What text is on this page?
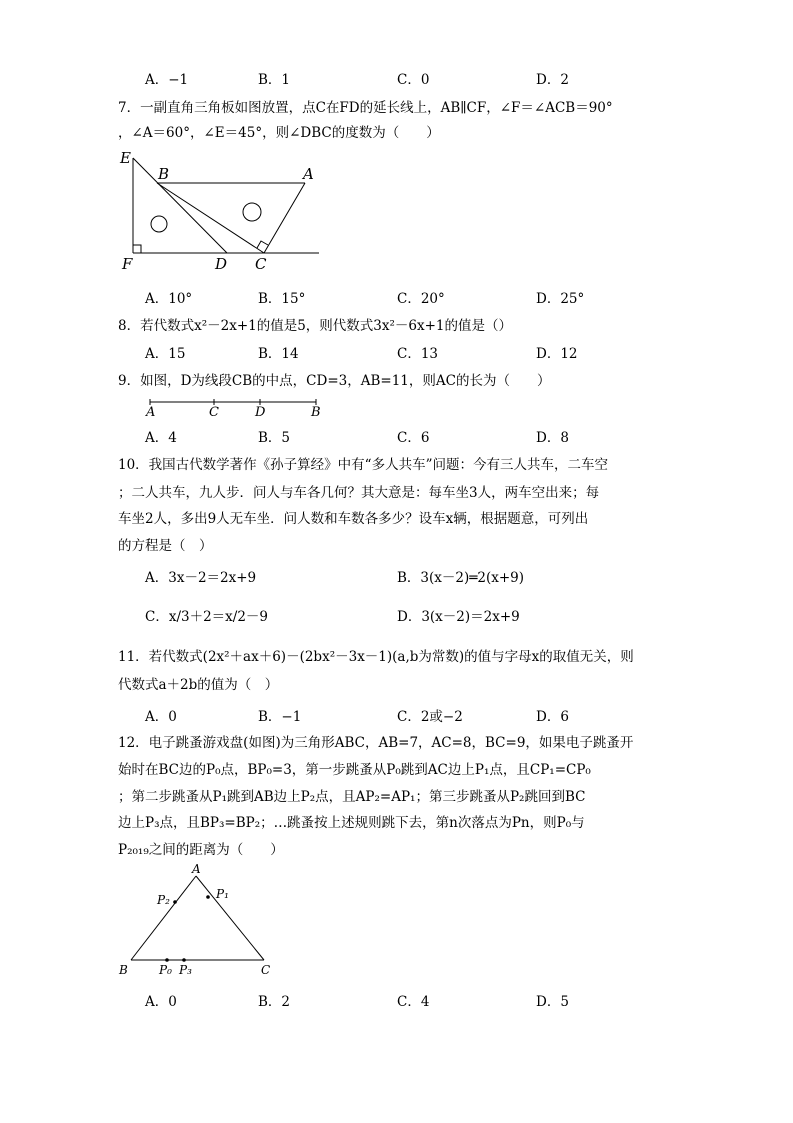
A．−1	B．1	C．0	D．2
7．一副直角三角板如图放置，点C在FD的延长线上，AB∥CF，∠F＝∠ACB＝90°
，∠A＝60°，∠E＝45°，则∠DBC的度数为（　　）
E
B	A
F	D C
A．10°	B．15°	C．20°	D．25°
8．若代数式x²－2x+1的值是5，则代数式3x²－6x+1的值是（）
A．15	B．14	C．13	D．12
9．如图，D为线段CB的中点，CD=3，AB=11，则AC的长为（　　）
A	C	D	B
A．4	B．5	C．6	D．8
10．我国古代数学著作《孙子算经》中有“多人共车”问题：今有三人共车，二车空
；二人共车，九人步．问人与车各几何？其大意是：每车坐3人，两车空出来；每
车坐2人，多出9人无车坐．问人数和车数各多少？设车x辆，根据题意，可列出
的方程是（　）
A．3x－2＝2x+9	B．3(x－2)═2(x+9)
C．x/3＋2＝x/2－9	D．3(x－2)＝2x+9
11．若代数式(2x²＋ax＋6)－(2bx²－3x－1)(a,b为常数)的值与字母x的取值无关，则
代数式a＋2b的值为（　）
A．0	B．−1	C．2或−2	D．6
12．电子跳蚤游戏盘(如图)为三角形ABC，AB=7，AC=8，BC=9，如果电子跳蚤开
始时在BC边的P₀点，BP₀=3，第一步跳蚤从P₀跳到AC边上P₁点，且CP₁=CP₀
；第二步跳蚤从P₁跳到AB边上P₂点，且AP₂=AP₁；第三步跳蚤从P₂跳回到BC
边上P₃点，且BP₃=BP₂；…跳蚤按上述规则跳下去，第n次落点为Pn，则P₀与
P₂₀₁₉之间的距离为（　　）
A
B	C
P₀ P₃
P₂	P₁
A．0	B．2	C．4	D．5
